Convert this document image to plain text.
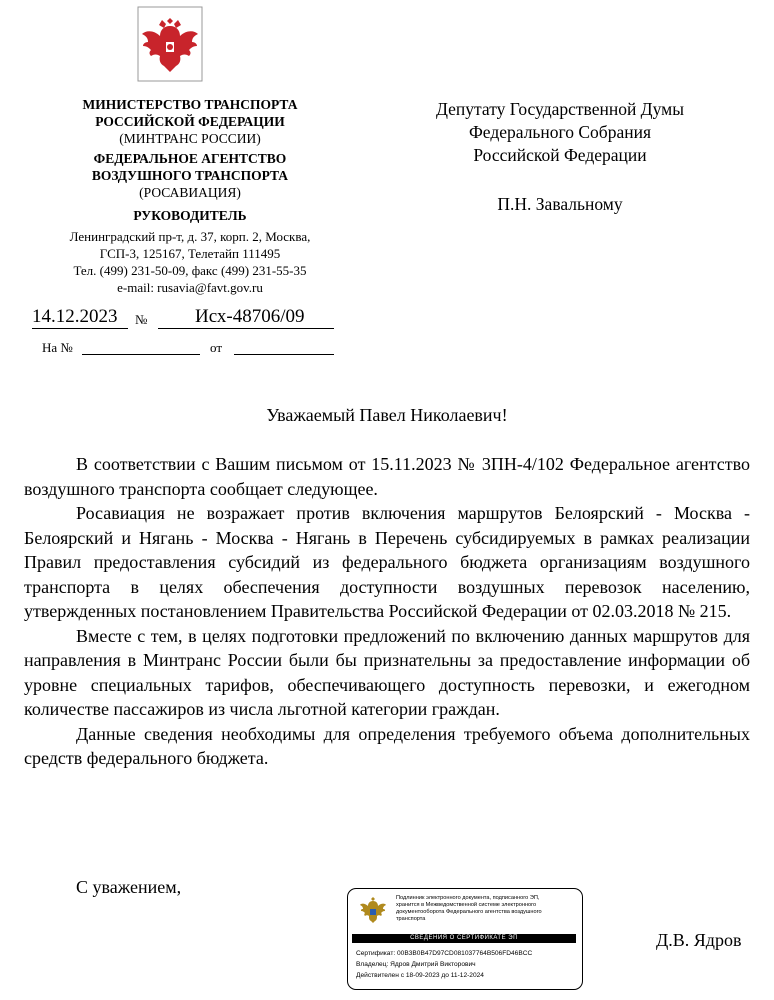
МИНИСТЕРСТВО ТРАНСПОРТА
РОССИЙСКОЙ ФЕДЕРАЦИИ
(МИНТРАНС РОССИИ)
ФЕДЕРАЛЬНОЕ АГЕНТСТВО
ВОЗДУШНОГО ТРАНСПОРТА
(РОСАВИАЦИЯ)
РУКОВОДИТЕЛЬ
Ленинградский пр-т, д. 37, корп. 2, Москва,
ГСП-3, 125167, Телетайп 111495
Тел. (499) 231-50-09, факс (499) 231-55-35
e-mail: rusavia@favt.gov.ru
14.12.2023 №	Исх-48706/09
На №	от
Депутату Государственной Думы
Федерального Собрания
Российской Федерации
П.Н. Завальному
Уважаемый Павел Николаевич!

В соответствии с Вашим письмом от 15.11.2023 № 3ПН-4/102 Федеральное агентство воздушного транспорта сообщает следующее.

Росавиация не возражает против включения маршрутов Белоярский - Москва - Белоярский и Нягань - Москва - Нягань в Перечень субсидируемых в рамках реализации Правил предоставления субсидий из федерального бюджета организациям воздушного транспорта в целях обеспечения доступности воздушных перевозок населению, утвержденных постановлением Правительства Российской Федерации от 02.03.2018 № 215.

Вместе с тем, в целях подготовки предложений по включению данных маршрутов для направления в Минтранс России были бы признательны за предоставление информации об уровне специальных тарифов, обеспечивающего доступность перевозки, и ежегодном количестве пассажиров из числа льготной категории граждан.

Данные сведения необходимы для определения требуемого объема дополнительных средств федерального бюджета.

С уважением,
Д.В. Ядров
Подлинник электронного документа, подписанного ЭП,
хранится в Межведомственной системе электронного
документооборота Федерального агентства воздушного
транспорта
СВЕДЕНИЯ О СЕРТИФИКАТЕ ЭП
Сертификат: 00B3B0B47D97CD081037764B506FD46BCC
Владелец: Ядров Дмитрий Викторович
Действителен с 18-09-2023 до 11-12-2024
